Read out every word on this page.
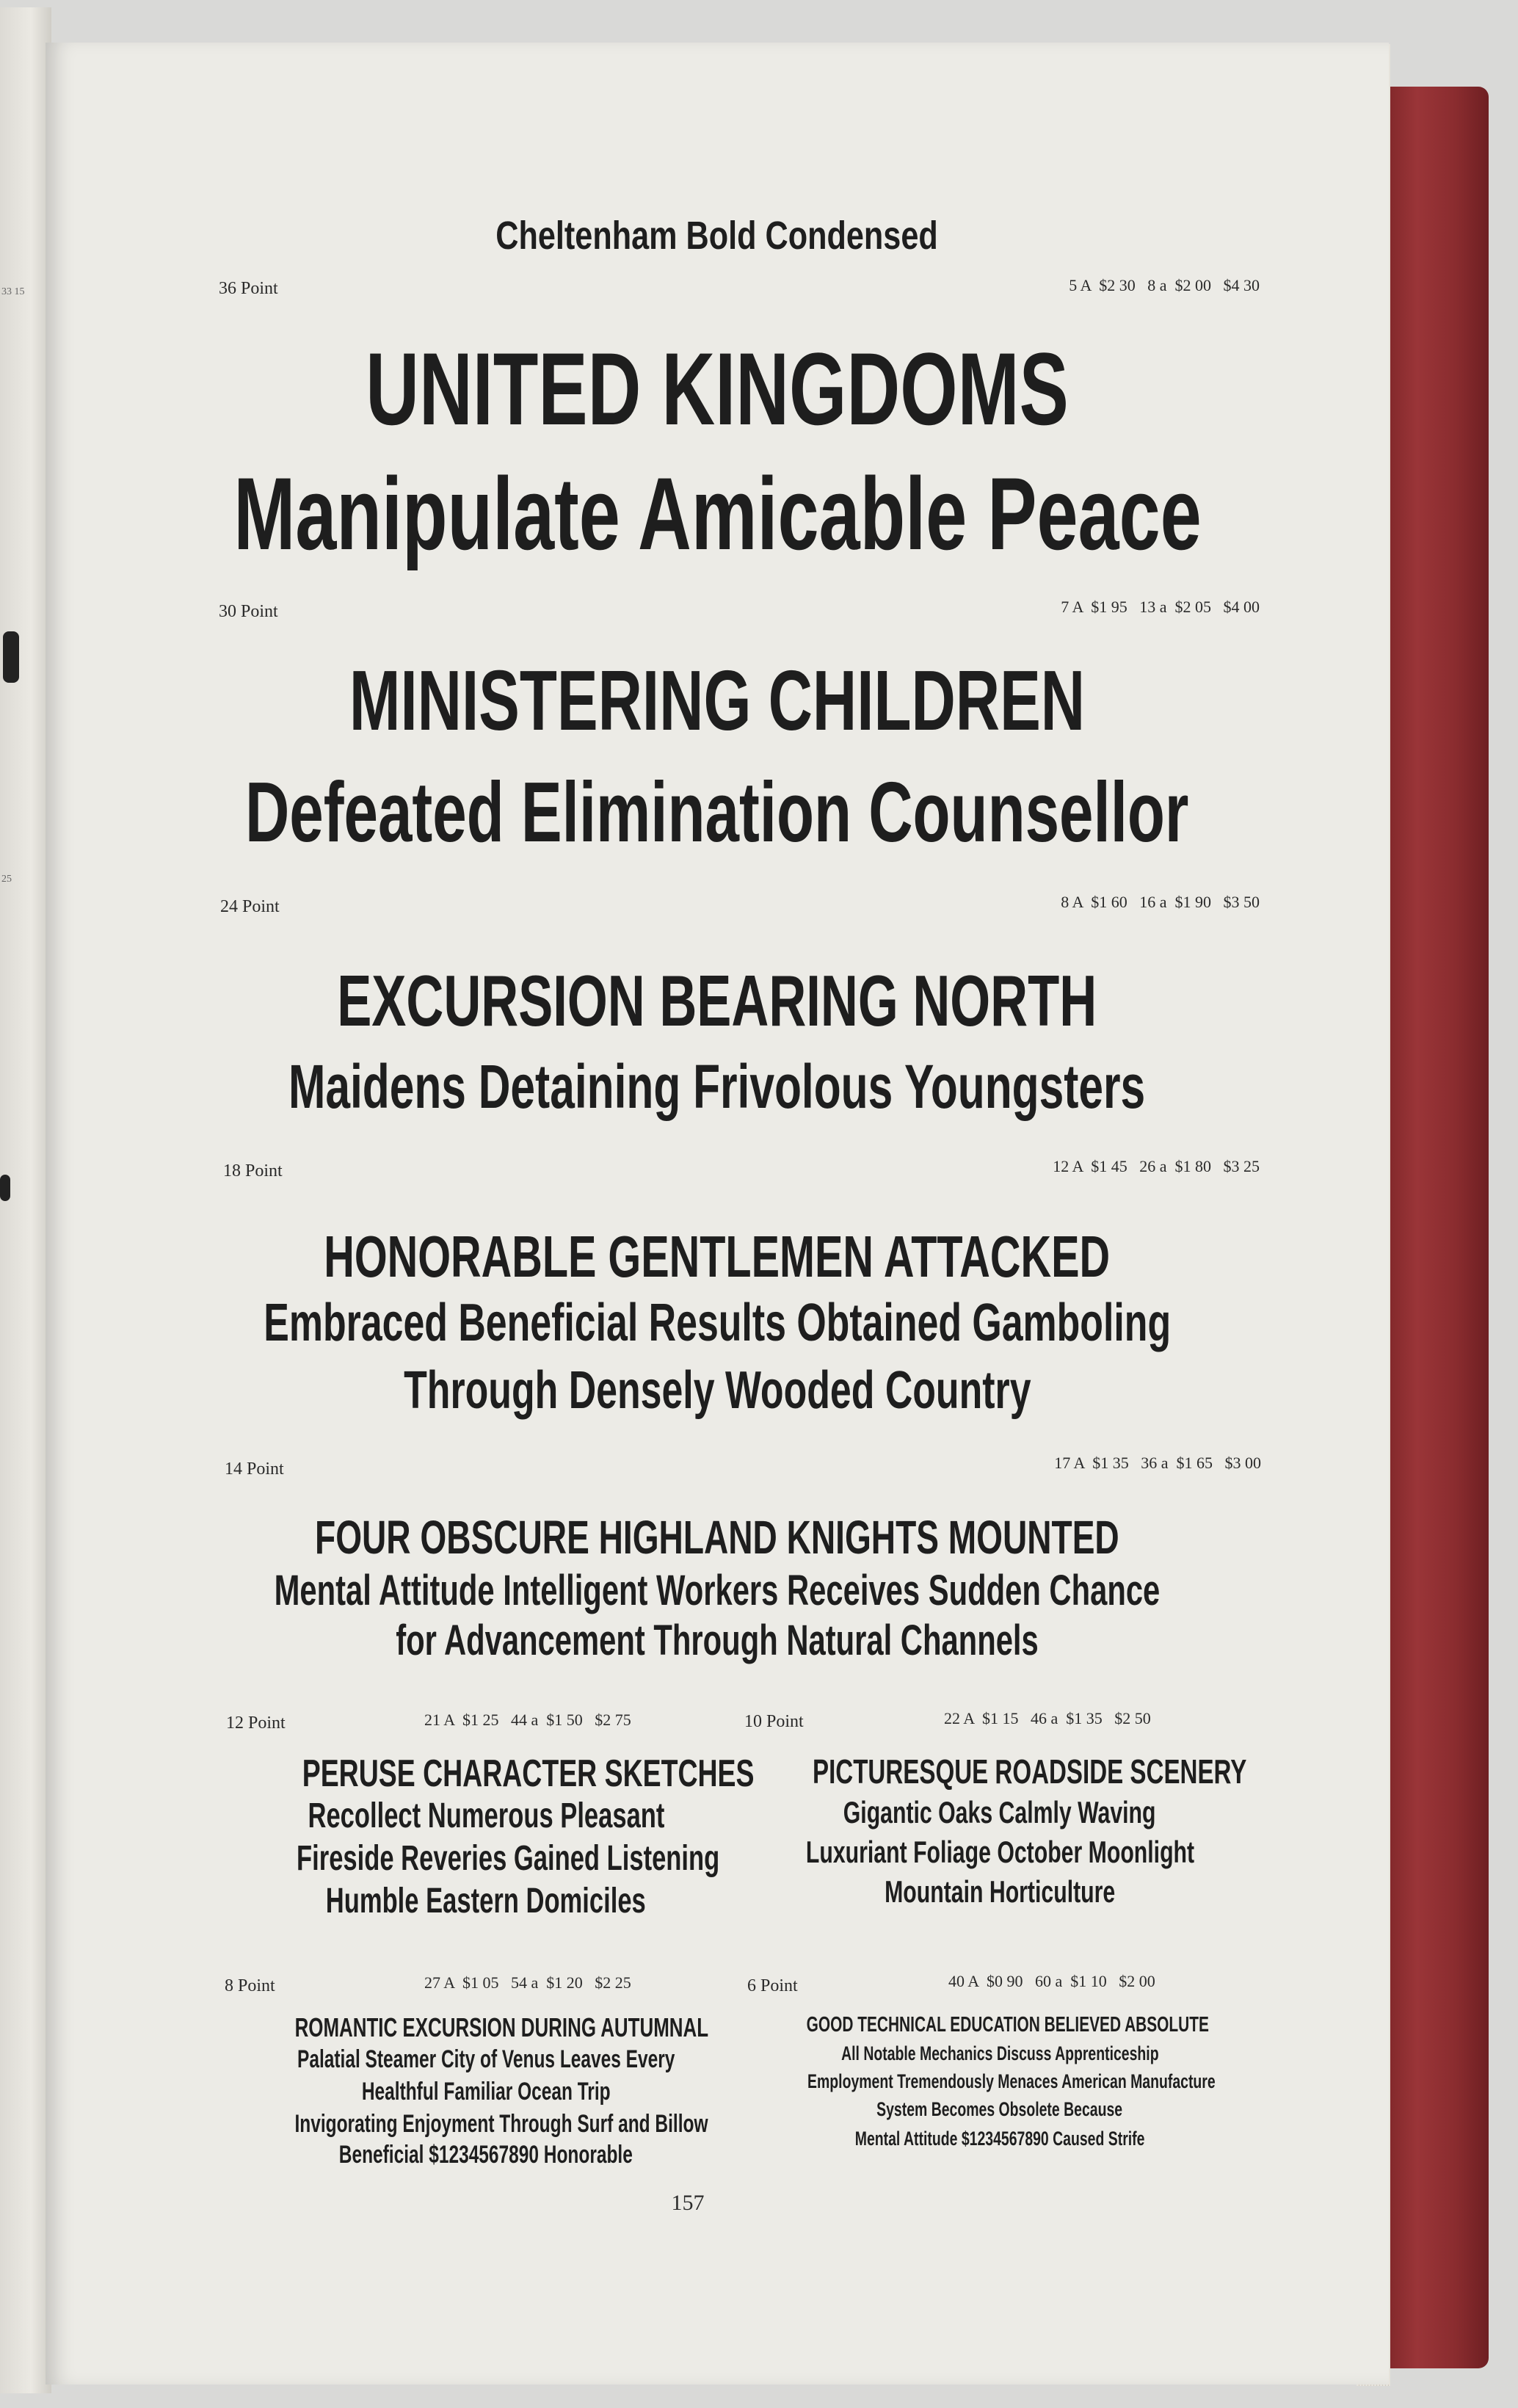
33 15
25
Cheltenham Bold Condensed
36 Point	5 A  $2 30   8 a  $2 00   $4 30
UNITED KINGDOMS
Manipulate Amicable Peace
30 Point	7 A  $1 95   13 a  $2 05   $4 00
MINISTERING CHILDREN
Defeated Elimination Counsellor
24 Point	8 A  $1 60   16 a  $1 90   $3 50
EXCURSION BEARING NORTH
Maidens Detaining Frivolous Youngsters
18 Point	12 A  $1 45   26 a  $1 80   $3 25
HONORABLE GENTLEMEN ATTACKED
Embraced Beneficial Results Obtained Gamboling
Through Densely Wooded Country
14 Point	17 A  $1 35   36 a  $1 65   $3 00
FOUR OBSCURE HIGHLAND KNIGHTS MOUNTED
Mental Attitude Intelligent Workers Receives Sudden Chance
for Advancement Through Natural Channels
12 Point	21 A  $1 25   44 a  $1 50   $2 75
PERUSE CHARACTER SKETCHES
Recollect Numerous Pleasant
Fireside Reveries Gained Listening
Humble Eastern Domiciles
10 Point	22 A  $1 15   46 a  $1 35   $2 50
PICTURESQUE ROADSIDE SCENERY
Gigantic Oaks Calmly Waving
Luxuriant Foliage October Moonlight
Mountain Horticulture
8 Point	27 A  $1 05   54 a  $1 20   $2 25
ROMANTIC EXCURSION DURING AUTUMNAL
Palatial Steamer City of Venus Leaves Every
Healthful Familiar Ocean Trip
Invigorating Enjoyment Through Surf and Billow
Beneficial $1234567890 Honorable
6 Point	40 A  $0 90   60 a  $1 10   $2 00
GOOD TECHNICAL EDUCATION BELIEVED ABSOLUTE
All Notable Mechanics Discuss Apprenticeship
Employment Tremendously Menaces American Manufacture
System Becomes Obsolete Because
Mental Attitude $1234567890 Caused Strife
157
